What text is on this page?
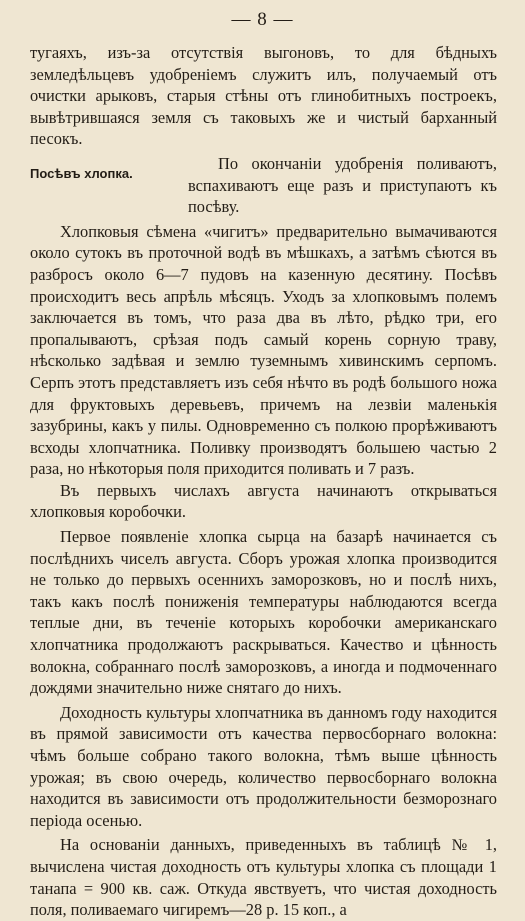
— 8 —

тугаяхъ, изъ-за отсутствія выгоновъ, то для бѣдныхъ земледѣльцевъ удобреніемъ служитъ илъ, получаемый отъ очистки арыковъ, старыя стѣны отъ глинобитныхъ построекъ, вывѣтрившаяся земля съ таковыхъ же и чистый барханный песокъ.

Посѣвъ хлопка.

По окончаніи удобренія поливаютъ, вспахиваютъ еще разъ и приступаютъ къ посѣву.

Хлопковыя сѣмена «чигитъ» предварительно вымачиваются около сутокъ въ проточной водѣ въ мѣшкахъ, а затѣмъ сѣются въ разбросъ около 6—7 пудовъ на казенную десятину. Посѣвъ происходитъ весь апрѣль мѣсяцъ. Уходъ за хлопковымъ полемъ заключается въ томъ, что раза два въ лѣто, рѣдко три, его пропалываютъ, срѣзая подъ самый корень сорную траву, нѣсколько задѣвая и землю туземнымъ хивинскимъ серпомъ. Серпъ этотъ представляетъ изъ себя нѣчто въ родѣ большого ножа для фруктовыхъ деревьевъ, причемъ на лезвіи маленькія зазубрины, какъ у пилы. Одновременно съ полкою прорѣживаютъ всходы хлопчатника. Поливку производятъ большею частью 2 раза, но нѣкоторыя поля приходится поливать и 7 разъ.

Въ первыхъ числахъ августа начинаютъ открываться хлопковыя коробочки.

Первое появленіе хлопка сырца на базарѣ начинается съ послѣднихъ чиселъ августа. Сборъ урожая хлопка производится не только до первыхъ осеннихъ заморозковъ, но и послѣ нихъ, такъ какъ послѣ пониженія температуры наблюдаются всегда теплые дни, въ теченіе которыхъ коробочки американскаго хлопчатника продолжаютъ раскрываться. Качество и цѣнность волокна, собраннаго послѣ заморозковъ, а иногда и подмоченнаго дождями значительно ниже снятаго до нихъ.

Доходность культуры хлопчатника въ данномъ году находится въ прямой зависимости отъ качества первосборнаго волокна: чѣмъ больше собрано такого волокна, тѣмъ выше цѣнность урожая; въ свою очередь, количество первосборнаго волокна находится въ зависимости отъ продолжительности безморознаго періода осенью.

На основаніи данныхъ, приведенныхъ въ таблицѣ № 1, вычислена чистая доходность отъ культуры хлопка съ площади 1 танапа = 900 кв. саж. Откуда явствуетъ, что чистая доходность поля, поливаемаго чигиремъ—28 р. 15 коп., а
